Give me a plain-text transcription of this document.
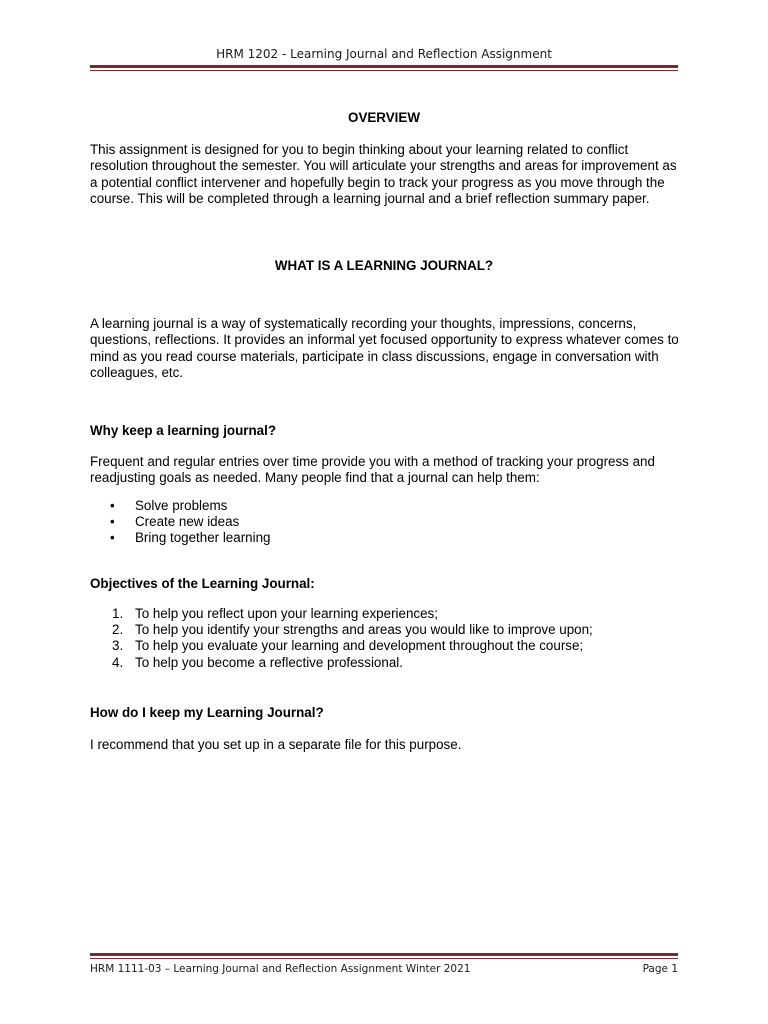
HRM 1202 - Learning Journal and Reflection Assignment
OVERVIEW
This assignment is designed for you to begin thinking about your learning related to conflict resolution throughout the semester. You will articulate your strengths and areas for improvement as a potential conflict intervener and hopefully begin to track your progress as you move through the course. This will be completed through a learning journal and a brief reflection summary paper.
WHAT IS A LEARNING JOURNAL?
A learning journal is a way of systematically recording your thoughts, impressions, concerns, questions, reflections. It provides an informal yet focused opportunity to express whatever comes to mind as you read course materials, participate in class discussions, engage in conversation with colleagues, etc.
Why keep a learning journal?
Frequent and regular entries over time provide you with a method of tracking your progress and readjusting goals as needed. Many people find that a journal can help them:
• Solve problems
• Create new ideas
• Bring together learning
Objectives of the Learning Journal:
1. To help you reflect upon your learning experiences;
2. To help you identify your strengths and areas you would like to improve upon;
3. To help you evaluate your learning and development throughout the course;
4. To help you become a reflective professional.
How do I keep my Learning Journal?
I recommend that you set up in a separate file for this purpose.
HRM 1111-03 – Learning Journal and Reflection Assignment Winter 2021	Page 1
